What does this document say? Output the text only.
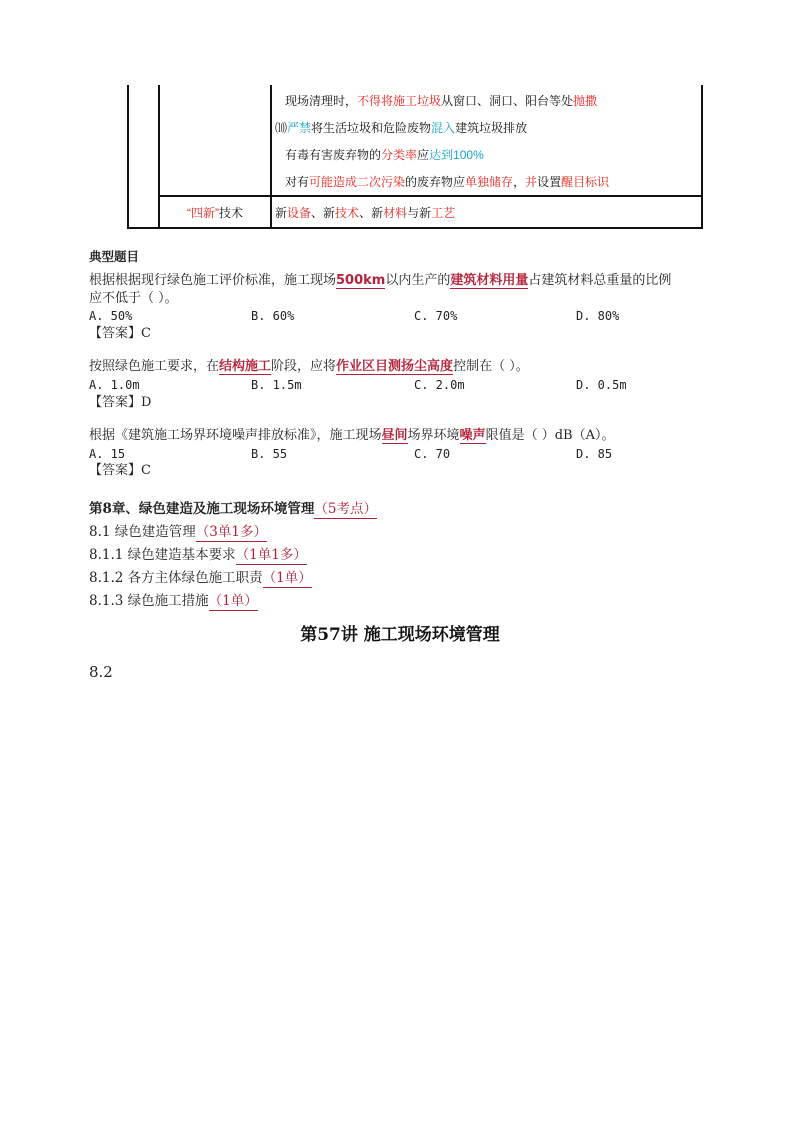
现场清理时，不得将施工垃圾从窗口、洞口、阳台等处抛撒
⑽严禁将生活垃圾和危险废物混入建筑垃圾排放
有毒有害废弃物的分类率应达到100%
对有可能造成二次污染的废弃物应单独储存，并设置醒目标识
“四新”技术	新设备、新技术、新材料与新工艺
典型题目
根据根据现行绿色施工评价标准，施工现场500km以内生产的建筑材料用量占建筑材料总重量的比例
应不低于（ ）。
A. 50%	B. 60%	C. 70%	D. 80%
【答案】C
按照绿色施工要求，在结构施工阶段，应将作业区目测扬尘高度控制在（ ）。
A. 1.0m	B. 1.5m	C. 2.0m	D. 0.5m
【答案】D
根据《建筑施工场界环境噪声排放标准》，施工现场昼间场界环境噪声限值是（ ）dB（A）。
A. 15	B. 55	C. 70	D. 85
【答案】C
第8章、绿色建造及施工现场环境管理（5考点）
8.1 绿色建造管理（3单1多）
8.1.1 绿色建造基本要求（1单1多）
8.1.2 各方主体绿色施工职责（1单）
8.1.3 绿色施工措施（1单）
第57讲 施工现场环境管理
8.2
